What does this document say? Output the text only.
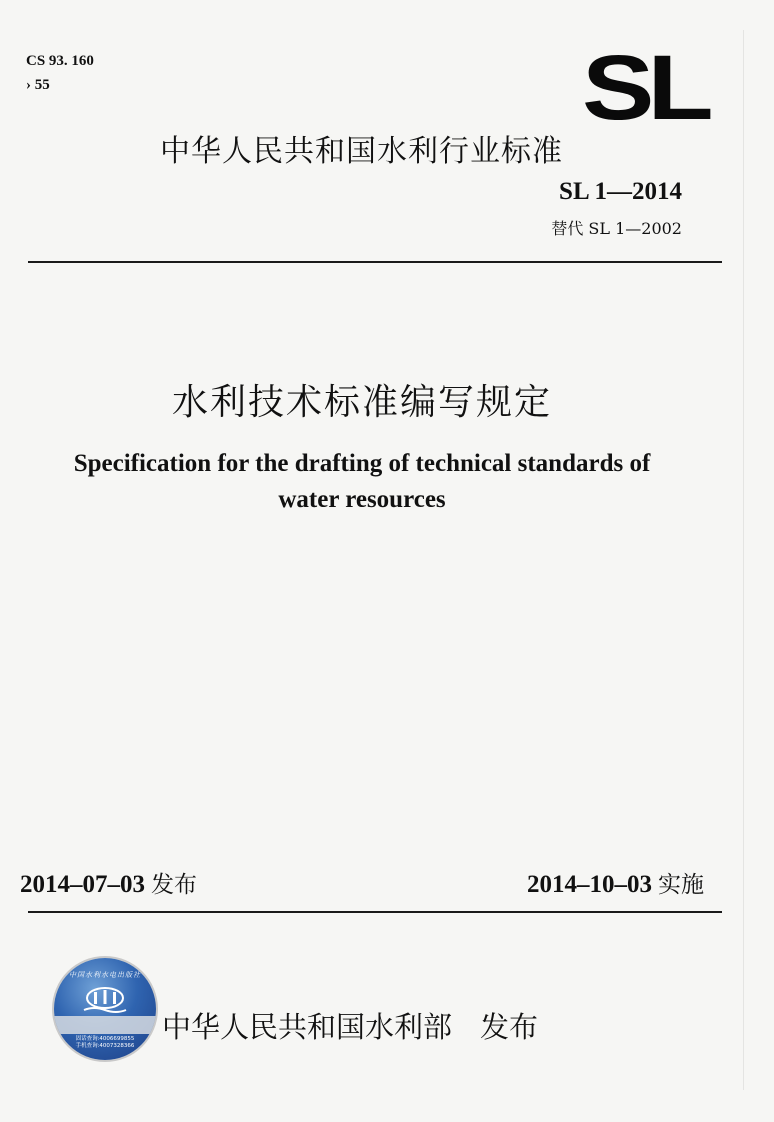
CS 93. 160
› 55	SL
中华人民共和国水利行业标准
SL 1—2014
替代 SL 1—2002
水利技术标准编写规定
Specification for the drafting of technical standards of
water resources
2014–07–03 发布	2014–10–03 实施
中国水利水电出版社
固话查询:4006699855
手机查询:4007328366
中华人民共和国水利部 发布
